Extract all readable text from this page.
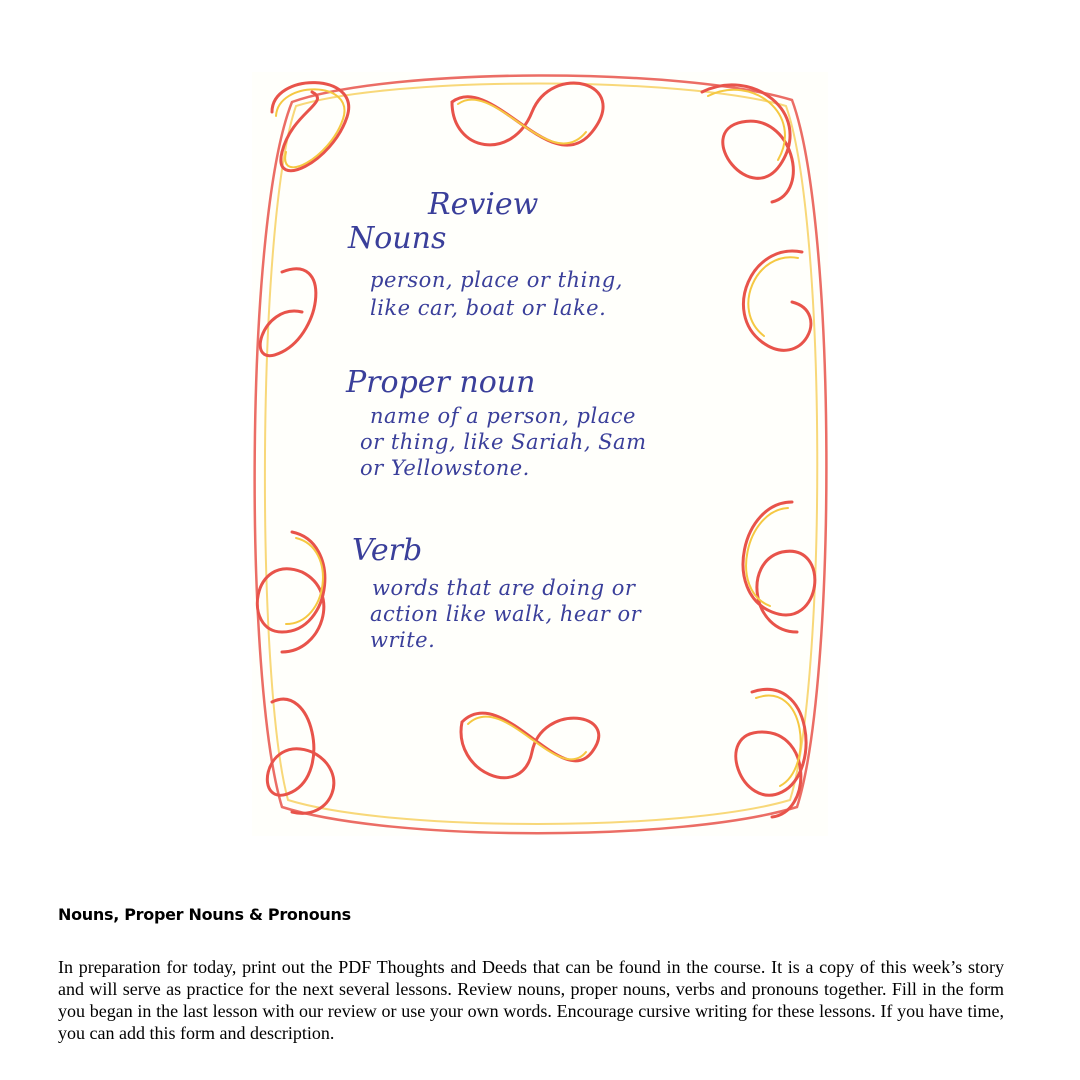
Review
Nouns
person, place or thing,
like car, boat or lake.
Proper noun
name of a person, place
or thing, like Sariah, Sam
or Yellowstone.
Verb
words that are doing or
action like walk, hear or
write.
Nouns, Proper Nouns & Pronouns
In preparation for today, print out the PDF Thoughts and Deeds that can be found in the course. It is a copy of this week’s story and will serve as practice for the next several lessons. Review nouns, proper nouns, verbs and pronouns together. Fill in the form you began in the last lesson with our review or use your own words. Encourage cursive writing for these lessons. If you have time, you can add this form and description.
